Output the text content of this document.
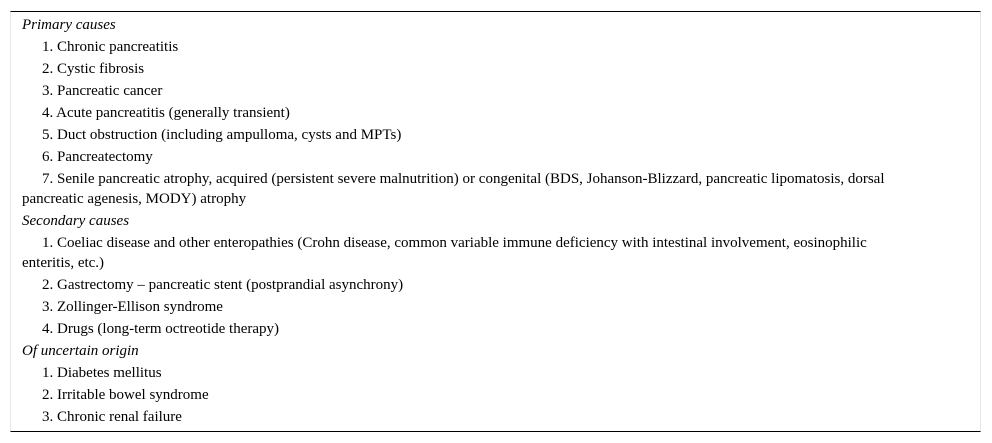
Primary causes
1. Chronic pancreatitis
2. Cystic fibrosis
3. Pancreatic cancer
4. Acute pancreatitis (generally transient)
5. Duct obstruction (including ampulloma, cysts and MPTs)
6. Pancreatectomy
7. Senile pancreatic atrophy, acquired (persistent severe malnutrition) or congenital (BDS, Johanson-Blizzard, pancreatic lipomatosis, dorsal pancreatic agenesis, MODY) atrophy
Secondary causes
1. Coeliac disease and other enteropathies (Crohn disease, common variable immune deficiency with intestinal involvement, eosinophilic enteritis, etc.)
2. Gastrectomy – pancreatic stent (postprandial asynchrony)
3. Zollinger-Ellison syndrome
4. Drugs (long-term octreotide therapy)
Of uncertain origin
1. Diabetes mellitus
2. Irritable bowel syndrome
3. Chronic renal failure
